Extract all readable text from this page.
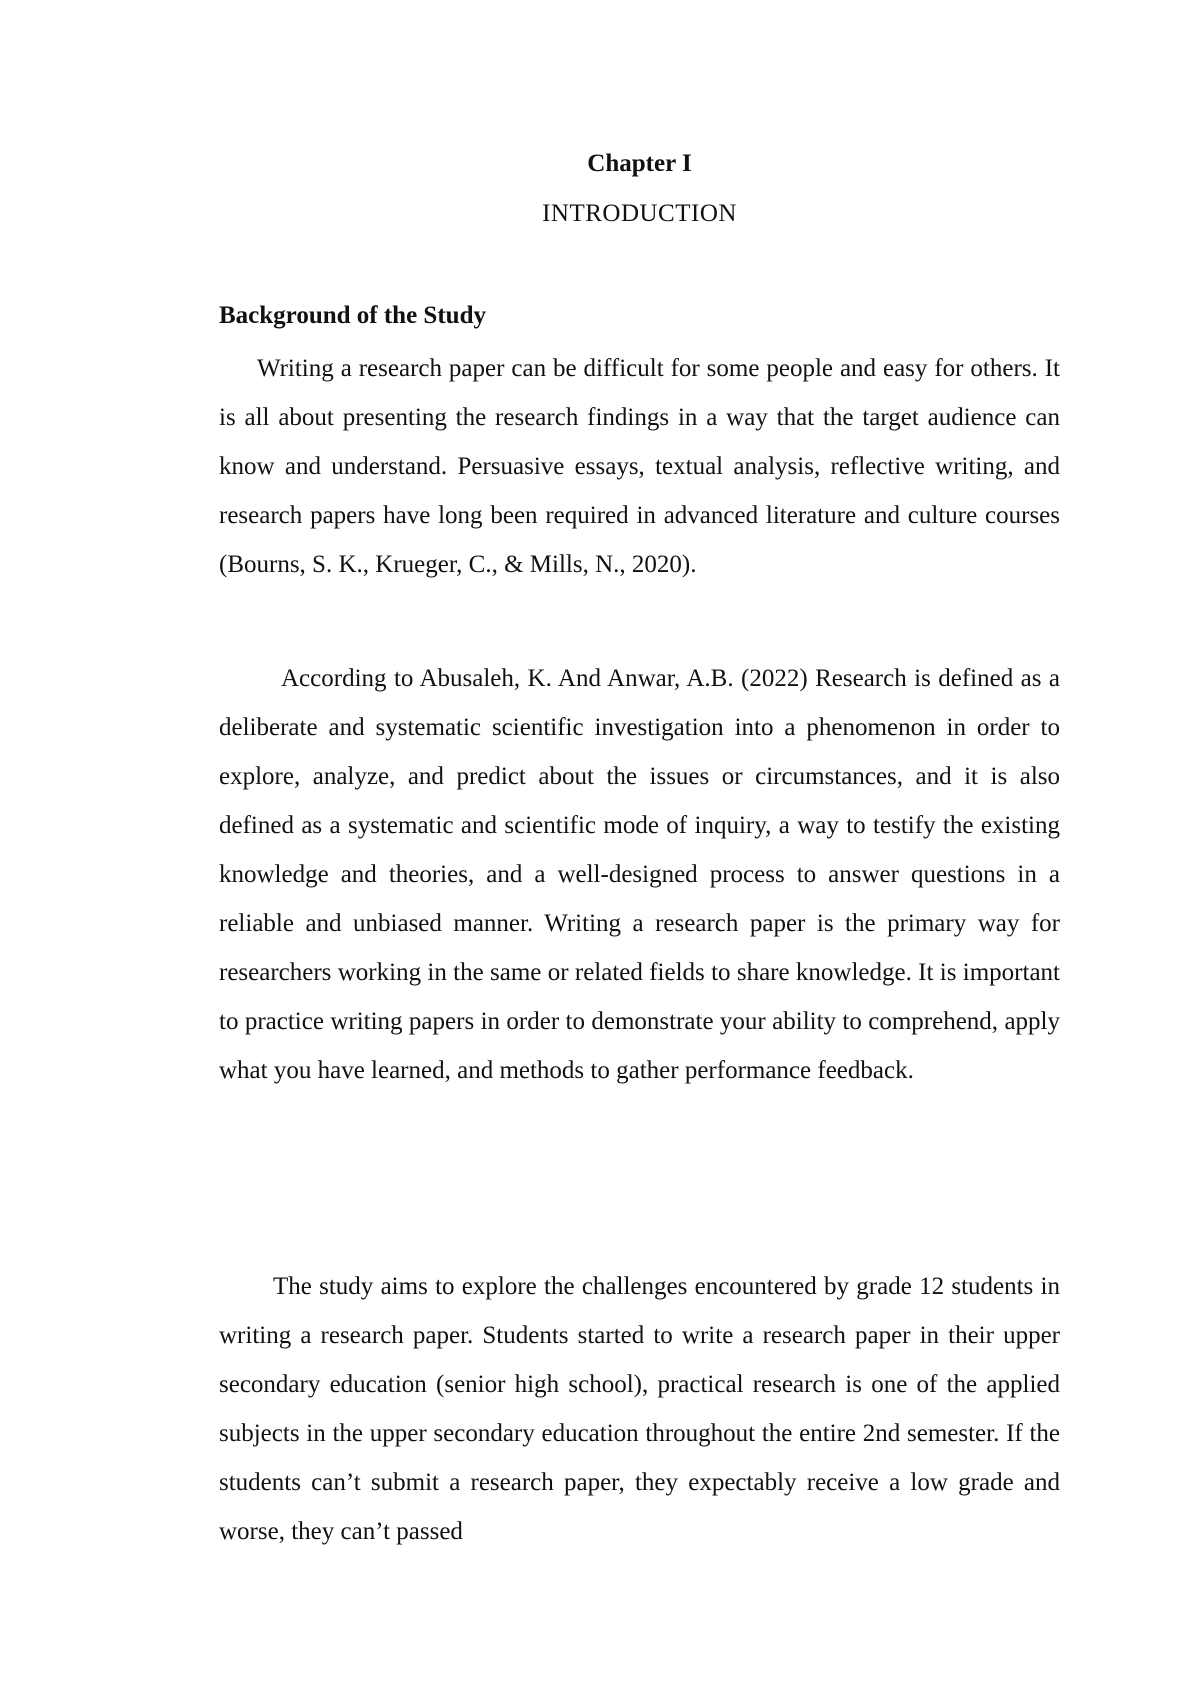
Chapter I
INTRODUCTION
Background of the Study

Writing a research paper can be difficult for some people and easy for others. It is all about presenting the research findings in a way that the target audience can know and understand. Persuasive essays, textual analysis, reflective writing, and research papers have long been required in advanced literature and culture courses (Bourns, S. K., Krueger, C., & Mills, N., 2020).

According to Abusaleh, K. And Anwar, A.B. (2022) Research is defined as a deliberate and systematic scientific investigation into a phenomenon in order to explore, analyze, and predict about the issues or circumstances, and it is also defined as a systematic and scientific mode of inquiry, a way to testify the existing knowledge and theories, and a well-designed process to answer questions in a reliable and unbiased manner. Writing a research paper is the primary way for researchers working in the same or related fields to share knowledge. It is important to practice writing papers in order to demonstrate your ability to comprehend, apply what you have learned, and methods to gather performance feedback.

The study aims to explore the challenges encountered by grade 12 students in writing a research paper. Students started to write a research paper in their upper secondary education (senior high school), practical research is one of the applied subjects in the upper secondary education throughout the entire 2nd semester. If the students can’t submit a research paper, they expectably receive a low grade and worse, they can’t passed
